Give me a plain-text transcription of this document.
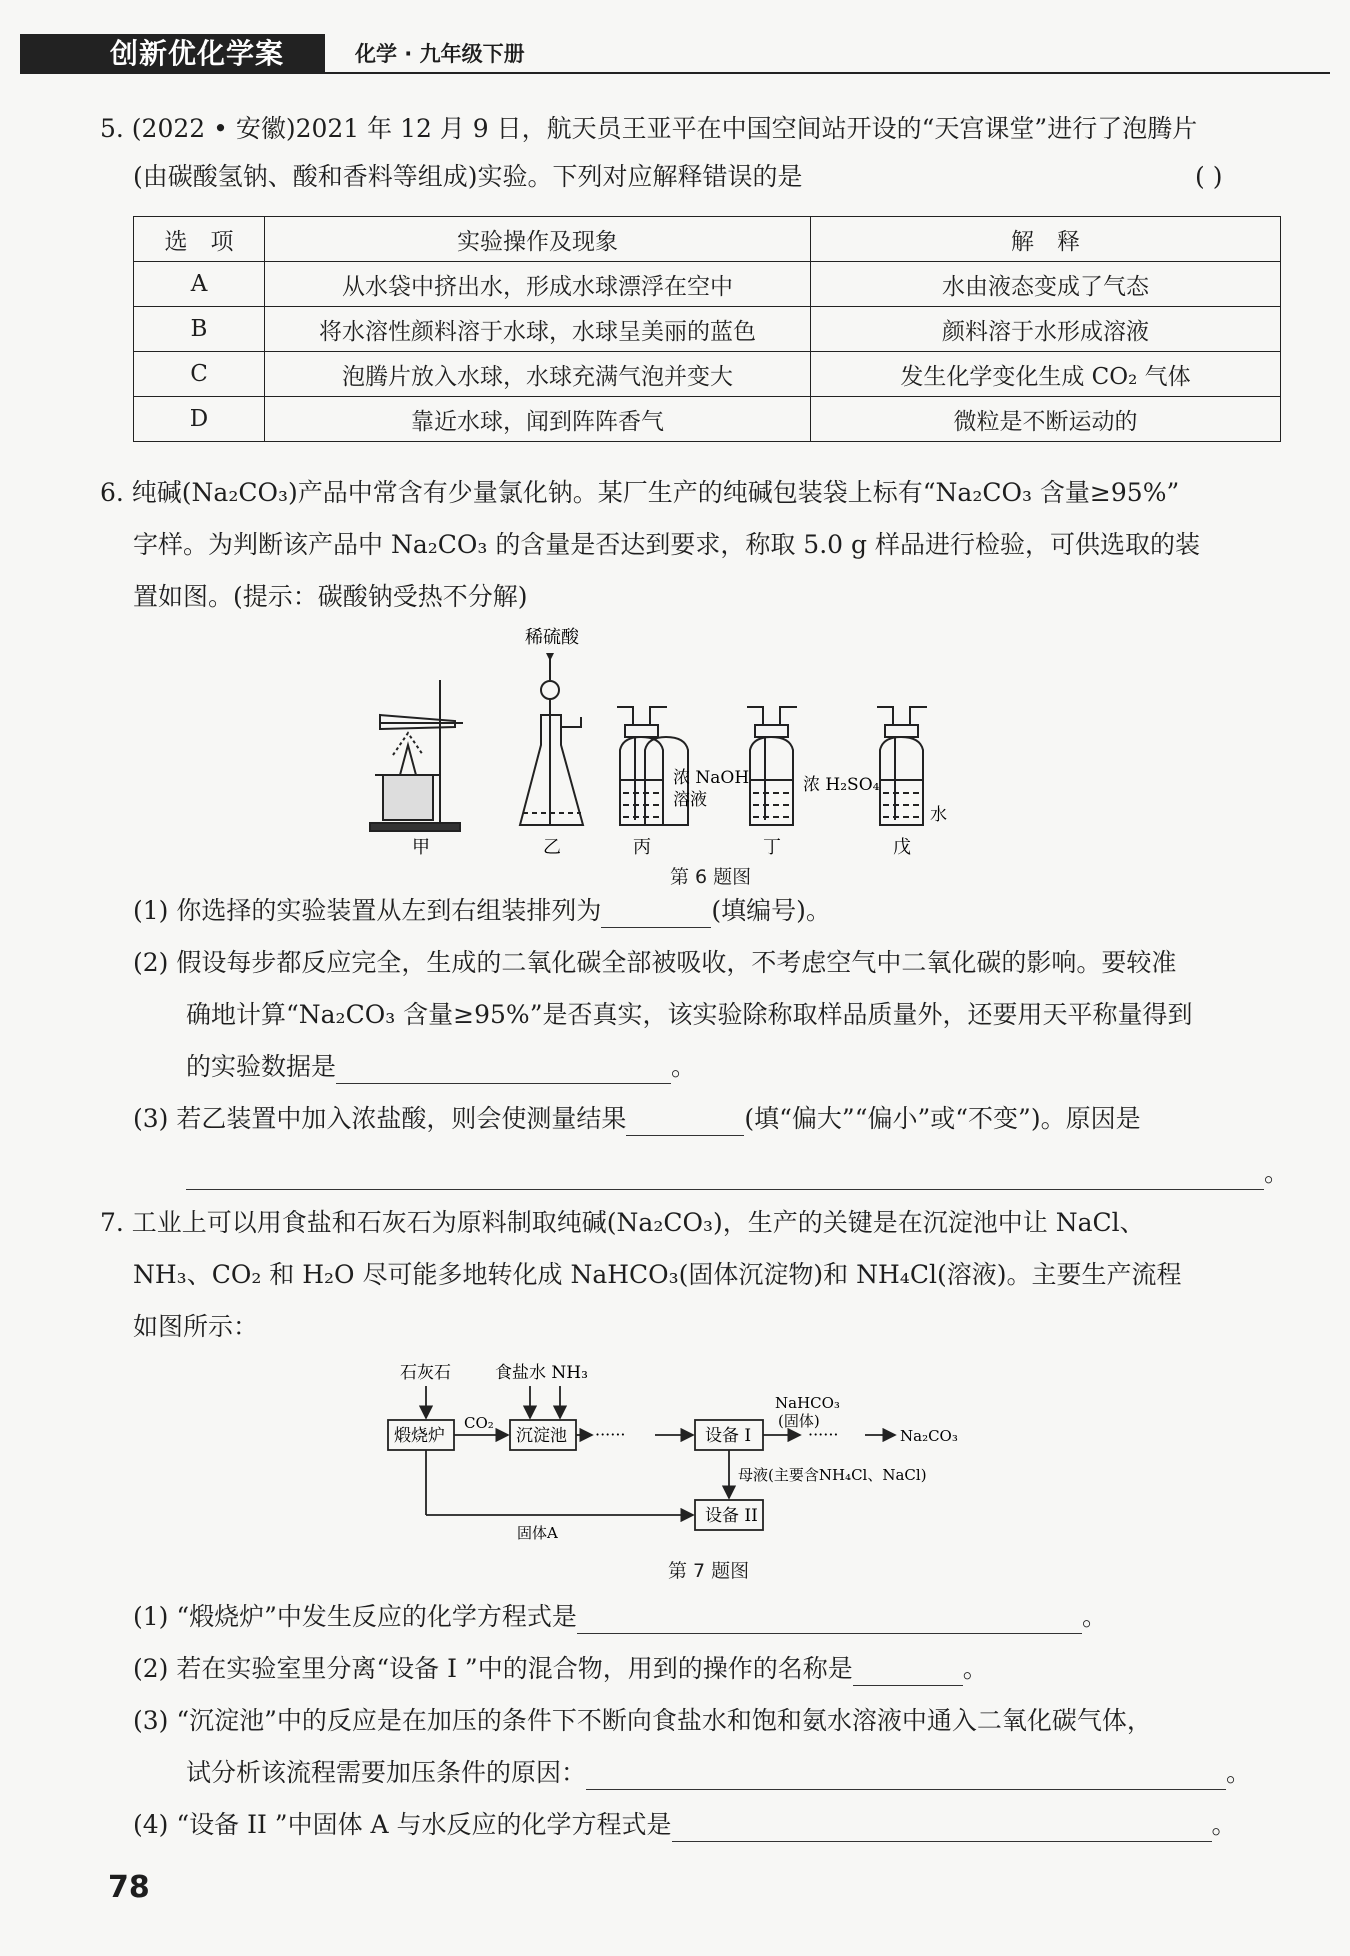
创新优化学案	化学 · 九年级下册
5. (2022 • 安徽)2021 年 12 月 9 日，航天员王亚平在中国空间站开设的“天宫课堂”进行了泡腾片
(由碳酸氢钠、酸和香料等组成)实验。下列对应解释错误的是	( )
选　项	实验操作及现象	解　释
A	从水袋中挤出水，形成水球漂浮在空中	水由液态变成了气态
B	将水溶性颜料溶于水球，水球呈美丽的蓝色	颜料溶于水形成溶液
C	泡腾片放入水球，水球充满气泡并变大	发生化学变化生成 CO₂ 气体
D	靠近水球，闻到阵阵香气	微粒是不断运动的
6. 纯碱(Na₂CO₃)产品中常含有少量氯化钠。某厂生产的纯碱包装袋上标有“Na₂CO₃ 含量≥95%”
字样。为判断该产品中 Na₂CO₃ 的含量是否达到要求，称取 5.0 g 样品进行检验，可供选取的装
置如图。(提示：碳酸钠受热不分解)
稀硫酸
浓 NaOH
溶液
浓 H₂SO₄
水
甲	乙	丙	丁	戊
第 6 题图
(1) 你选择的实验装置从左到右组装排列为	(填编号)。
(2) 假设每步都反应完全，生成的二氧化碳全部被吸收，不考虑空气中二氧化碳的影响。要较准
确地计算“Na₂CO₃ 含量≥95%”是否真实，该实验除称取样品质量外，还要用天平称量得到
的实验数据是	。
(3) 若乙装置中加入浓盐酸，则会使测量结果	(填“偏大”“偏小”或“不变”)。原因是
。
7. 工业上可以用食盐和石灰石为原料制取纯碱(Na₂CO₃)，生产的关键是在沉淀池中让 NaCl、
NH₃、CO₂ 和 H₂O 尽可能多地转化成 NaHCO₃(固体沉淀物)和 NH₄Cl(溶液)。主要生产流程
如图所示：
石灰石	食盐水 NH₃
煅烧炉
CO₂
沉淀池 ······	设备 I
NaHCO₃
(固体)
······	Na₂CO₃
母液(主要含NH₄Cl、NaCl)
设备 II
固体A
第 7 题图
(1) “煅烧炉”中发生反应的化学方程式是	。
(2) 若在实验室里分离“设备 I ”中的混合物，用到的操作的名称是	。
(3) “沉淀池”中的反应是在加压的条件下不断向食盐水和饱和氨水溶液中通入二氧化碳气体，
试分析该流程需要加压条件的原因：	。
(4) “设备 II ”中固体 A 与水反应的化学方程式是	。
78
